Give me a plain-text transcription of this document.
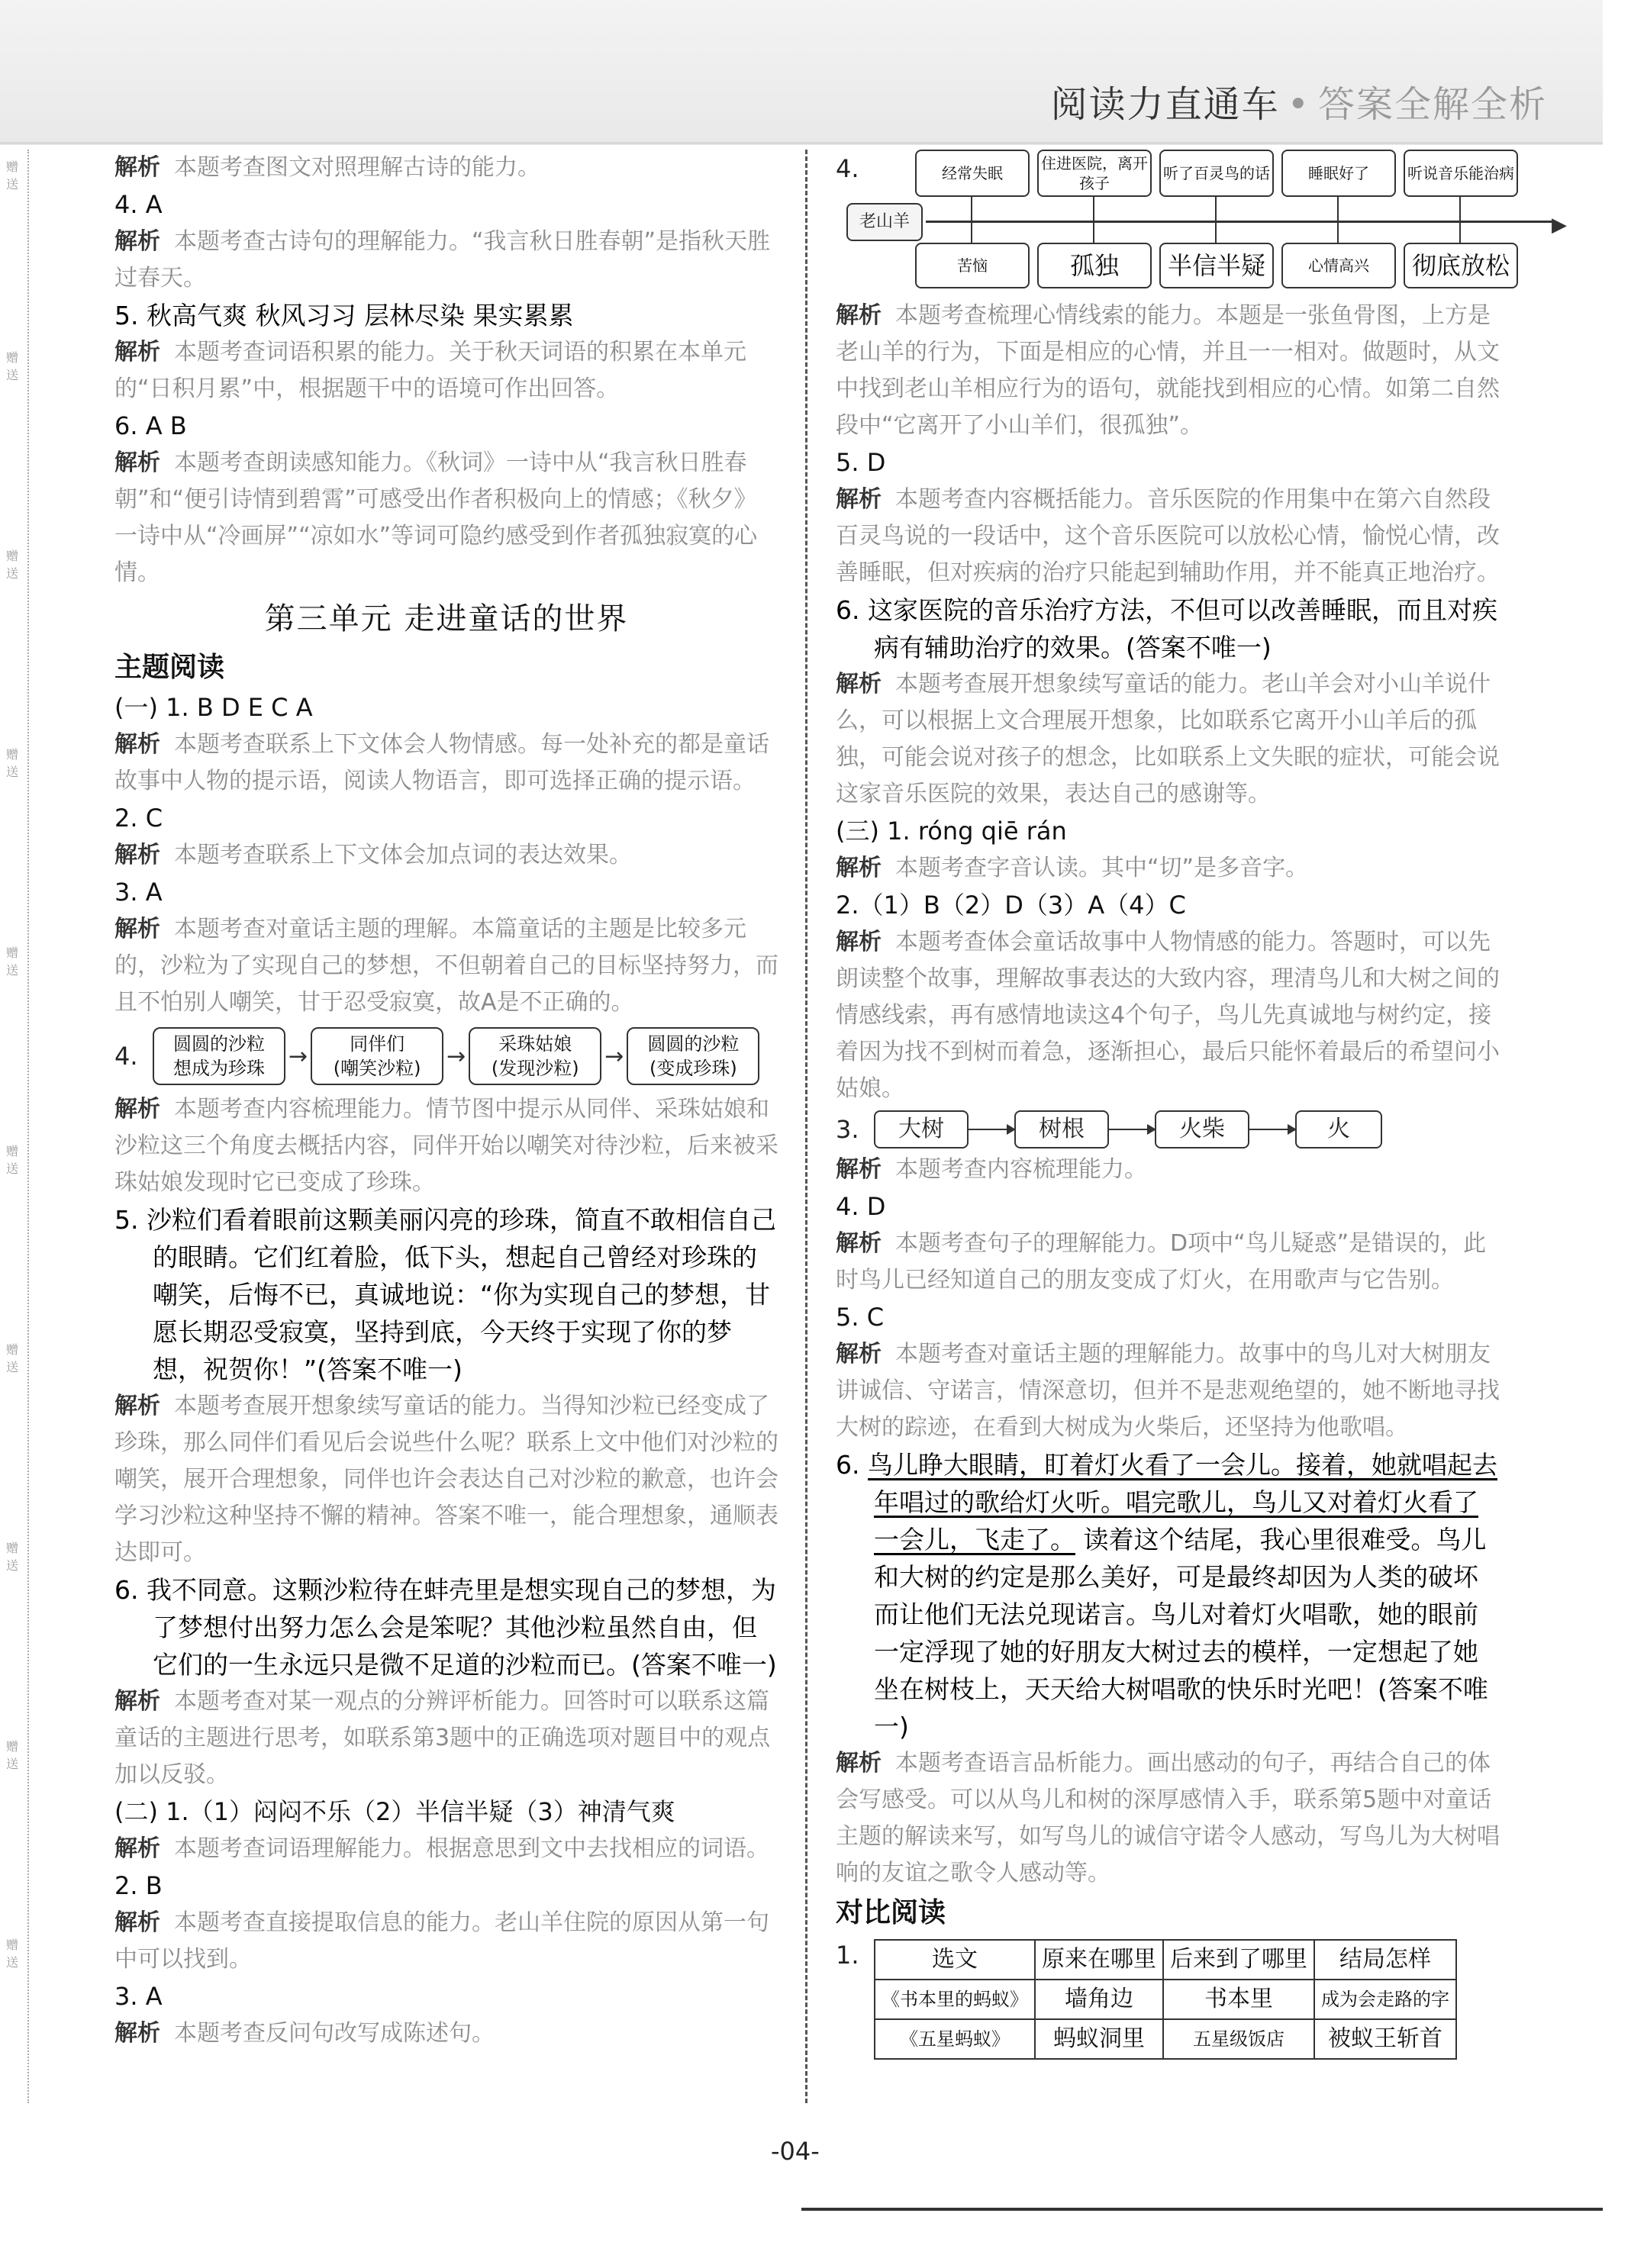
阅读力直通车 • 答案全解全析
赠送
赠送
赠送
赠送
赠送
赠送
赠送
赠送
赠送
赠送

解析 本题考查图文对照理解古诗的能力。

4. A

解析 本题考查古诗句的理解能力。“我言秋日胜春朝”是指秋天胜过春天。

5. 秋高气爽 秋风习习 层林尽染 果实累累

解析 本题考查词语积累的能力。关于秋天词语的积累在本单元的“日积月累”中，根据题干中的语境可作出回答。

6. A B

解析 本题考查朗读感知能力。《秋词》一诗中从“我言秋日胜春朝”和“便引诗情到碧霄”可感受出作者积极向上的情感；《秋夕》一诗中从“冷画屏”“凉如水”等词可隐约感受到作者孤独寂寞的心情。

第三单元 走进童话的世界

主题阅读

(一) 1. B D E C A

解析 本题考查联系上下文体会人物情感。每一处补充的都是童话故事中人物的提示语，阅读人物语言，即可选择正确的提示语。

2. C

解析 本题考查联系上下文体会加点词的表达效果。

3. A

解析 本题考查对童话主题的理解。本篇童话的主题是比较多元的，沙粒为了实现自己的梦想，不但朝着自己的目标坚持努力，而且不怕别人嘲笑，甘于忍受寂寞，故A是不正确的。

4.	圆圆的沙粒
想成为珍珠	→	同伴们
(嘲笑沙粒)	→	采珠姑娘
(发现沙粒)	→	圆圆的沙粒
(变成珍珠)

解析 本题考查内容梳理能力。情节图中提示从同伴、采珠姑娘和沙粒这三个角度去概括内容，同伴开始以嘲笑对待沙粒，后来被采珠姑娘发现时它已变成了珍珠。

5. 沙粒们看着眼前这颗美丽闪亮的珍珠，简直不敢相信自己的眼睛。它们红着脸，低下头，想起自己曾经对珍珠的嘲笑，后悔不已，真诚地说：“你为实现自己的梦想，甘愿长期忍受寂寞，坚持到底，今天终于实现了你的梦想，祝贺你！”(答案不唯一)

解析 本题考查展开想象续写童话的能力。当得知沙粒已经变成了珍珠，那么同伴们看见后会说些什么呢？联系上文中他们对沙粒的嘲笑，展开合理想象，同伴也许会表达自己对沙粒的歉意，也许会学习沙粒这种坚持不懈的精神。答案不唯一，能合理想象，通顺表达即可。

6. 我不同意。这颗沙粒待在蚌壳里是想实现自己的梦想，为了梦想付出努力怎么会是笨呢？其他沙粒虽然自由，但它们的一生永远只是微不足道的沙粒而已。(答案不唯一)

解析 本题考查对某一观点的分辨评析能力。回答时可以联系这篇童话的主题进行思考，如联系第3题中的正确选项对题目中的观点加以反驳。

(二) 1.（1）闷闷不乐（2）半信半疑（3）神清气爽

解析 本题考查词语理解能力。根据意思到文中去找相应的词语。

2. B

解析 本题考查直接提取信息的能力。老山羊住院的原因从第一句中可以找到。

3. A

解析 本题考查反问句改写成陈述句。

4.
老山羊	▶
经常失眠
住进医院，离开孩子
听了百灵鸟的话	睡眠好了	听说音乐能治病
苦恼	孤独	半信半疑	心情高兴	彻底放松

解析 本题考查梳理心情线索的能力。本题是一张鱼骨图，上方是老山羊的行为，下面是相应的心情，并且一一相对。做题时，从文中找到老山羊相应行为的语句，就能找到相应的心情。如第二自然段中“它离开了小山羊们，很孤独”。

5. D

解析 本题考查内容概括能力。音乐医院的作用集中在第六自然段百灵鸟说的一段话中，这个音乐医院可以放松心情，愉悦心情，改善睡眠，但对疾病的治疗只能起到辅助作用，并不能真正地治疗。

6. 这家医院的音乐治疗方法，不但可以改善睡眠，而且对疾病有辅助治疗的效果。(答案不唯一)

解析 本题考查展开想象续写童话的能力。老山羊会对小山羊说什么，可以根据上文合理展开想象，比如联系它离开小山羊后的孤独，可能会说对孩子的想念，比如联系上文失眠的症状，可能会说这家音乐医院的效果，表达自己的感谢等。

(三) 1. róng qiē rán

解析 本题考查字音认读。其中“切”是多音字。

2.（1）B（2）D（3）A（4）C

解析 本题考查体会童话故事中人物情感的能力。答题时，可以先朗读整个故事，理解故事表达的大致内容，理清鸟儿和大树之间的情感线索，再有感情地读这4个句子，鸟儿先真诚地与树约定，接着因为找不到树而着急，逐渐担心，最后只能怀着最后的希望问小姑娘。

3.	大树	树根	火柴	火

解析 本题考查内容梳理能力。

4. D

解析 本题考查句子的理解能力。D项中“鸟儿疑惑”是错误的，此时鸟儿已经知道自己的朋友变成了灯火，在用歌声与它告别。

5. C

解析 本题考查对童话主题的理解能力。故事中的鸟儿对大树朋友讲诚信、守诺言，情深意切，但并不是悲观绝望的，她不断地寻找大树的踪迹，在看到大树成为火柴后，还坚持为他歌唱。

6. 鸟儿睁大眼睛，盯着灯火看了一会儿。接着，她就唱起去年唱过的歌给灯火听。唱完歌儿，鸟儿又对着灯火看了一会儿，飞走了。 读着这个结尾，我心里很难受。鸟儿和大树的约定是那么美好，可是最终却因为人类的破坏而让他们无法兑现诺言。鸟儿对着灯火唱歌，她的眼前一定浮现了她的好朋友大树过去的模样，一定想起了她坐在树枝上，天天给大树唱歌的快乐时光吧！(答案不唯一)

解析 本题考查语言品析能力。画出感动的句子，再结合自己的体会写感受。可以从鸟儿和树的深厚感情入手，联系第5题中对童话主题的解读来写，如写鸟儿的诚信守诺令人感动，写鸟儿为大树唱响的友谊之歌令人感动等。

对比阅读

1.	选文	原来在哪里	后来到了哪里	结局怎样
《书本里的蚂蚁》	墙角边	书本里	成为会走路的字
《五星蚂蚁》	蚂蚁洞里	五星级饭店	被蚁王斩首
-04-
